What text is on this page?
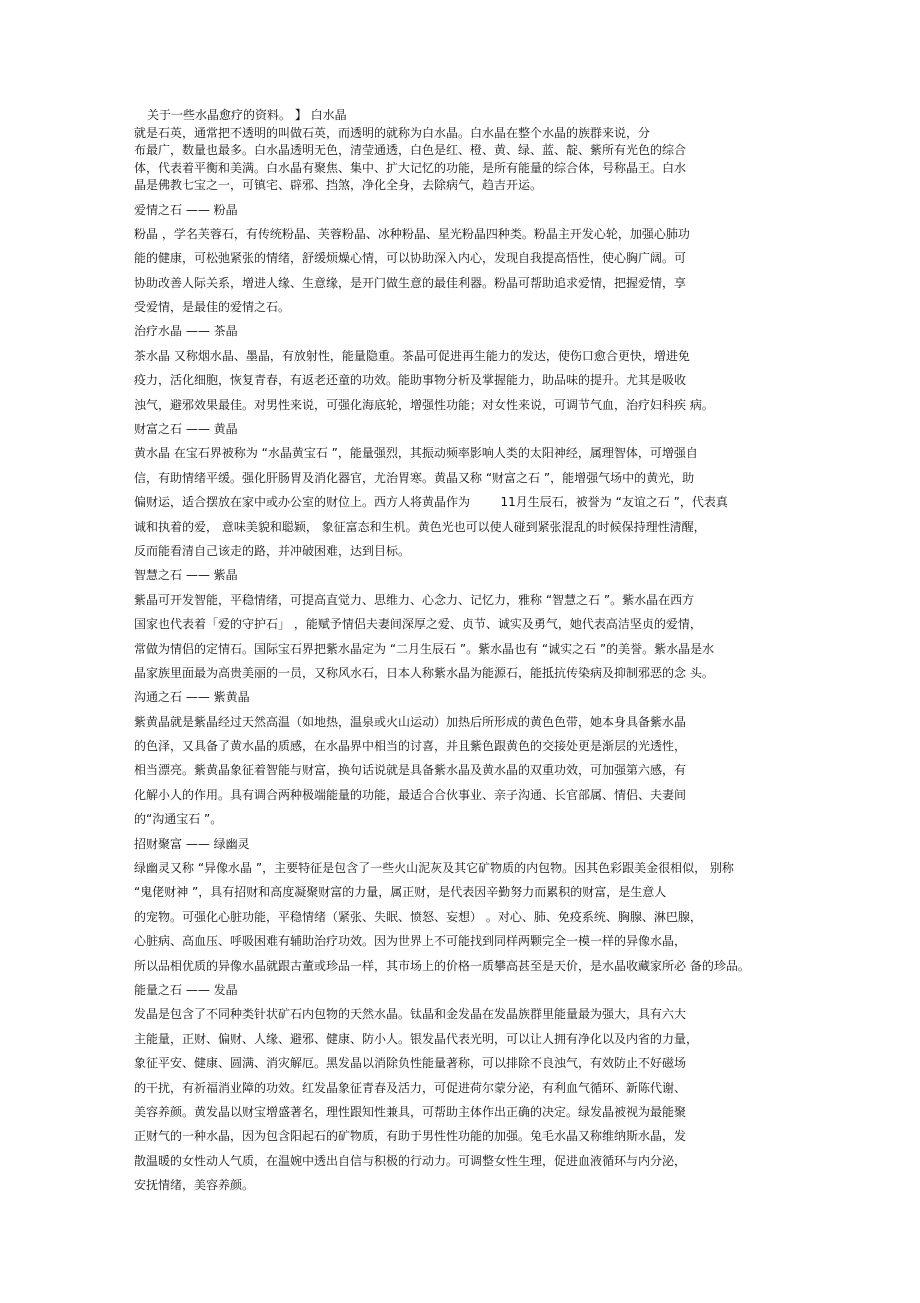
关于一些水晶愈疗的资料。 】 白水晶
就是石英，通常把不透明的叫做石英，而透明的就称为白水晶。白水晶在整个水晶的族群来说，分
布最广，数量也最多。白水晶透明无色，清莹通透，白色是红、橙、黄、绿、蓝、靛、紫所有光色的综合
体，代表着平衡和美满。白水晶有聚焦、集中、扩大记忆的功能，是所有能量的综合体，号称晶王。白水
晶是佛教七宝之一，可镇宅、辟邪、挡煞，净化全身，去除病气，趋吉开运。
爱情之石 —— 粉晶
粉晶 ，学名芙蓉石，有传统粉晶、芙蓉粉晶、冰种粉晶、星光粉晶四种类。粉晶主开发心轮，加强心肺功
能的健康，可松弛紧张的情绪，舒缓烦燥心情，可以协助深入内心，发现自我提高悟性，使心胸广阔。可
协助改善人际关系，增进人缘、生意缘，是开门做生意的最佳利器。粉晶可帮助追求爱情，把握爱情，享
受爱情，是最佳的爱情之石。
治疗水晶 —— 茶晶
茶水晶 又称烟水晶、墨晶，有放射性，能量隐重。茶晶可促进再生能力的发达，使伤口愈合更快，增进免
疫力，活化细胞，恢复青春，有返老还童的功效。能助事物分析及掌握能力，助品味的提升。尤其是吸收
浊气，避邪效果最佳。对男性来说，可强化海底轮，增强性功能；对女性来说，可调节气血，治疗妇科疾 病。
财富之石 —— 黄晶
黄水晶 在宝石界被称为 “水晶黄宝石 ”，能量强烈，其振动频率影响人类的太阳神经，属理智体，可增强自
信，有助情绪平缓。强化肝肠胃及消化器官，尤治胃寒。黄晶又称 “财富之石 ”，能增强气场中的黄光，助
偏财运，适合摆放在家中或办公室的财位上。西方人将黄晶作为        11月生辰石，被誉为 “友谊之石 ”，代表真
诚和执着的爱， 意味美貌和聪颖， 象征富态和生机。黄色光也可以使人碰到紧张混乱的时候保持理性清醒，
反而能看清自己该走的路，并冲破困难，达到目标。
智慧之石 —— 紫晶
紫晶可开发智能，平稳情绪，可提高直觉力、思维力、心念力、记忆力，雅称 “智慧之石 ”。紫水晶在西方
国家也代表着「爱的守护石」 ，能赋予情侣夫妻间深厚之爱、贞节、诚实及勇气，她代表高洁坚贞的爱情，
常做为情侣的定情石。国际宝石界把紫水晶定为 “二月生辰石 ”。紫水晶也有 “诚实之石 ”的美誉。紫水晶是水
晶家族里面最为高贵美丽的一员，又称风水石，日本人称紫水晶为能源石，能抵抗传染病及抑制邪恶的念 头。
沟通之石 —— 紫黄晶
紫黄晶就是紫晶经过天然高温（如地热，温泉或火山运动）加热后所形成的黄色色带，她本身具备紫水晶
的色泽，又具备了黄水晶的质感，在水晶界中相当的讨喜，并且紫色跟黄色的交接处更是渐层的光透性，
相当漂亮。紫黄晶象征着智能与财富，换句话说就是具备紫水晶及黄水晶的双重功效，可加强第六感，有
化解小人的作用。具有调合两种极端能量的功能，最适合合伙事业、亲子沟通、长官部属、情侣、夫妻间
的“沟通宝石 ”。
招财聚富 —— 绿幽灵
绿幽灵又称 “异像水晶 ”，主要特征是包含了一些火山泥灰及其它矿物质的内包物。因其色彩跟美金很相似， 别称
“鬼佬财神 ”，具有招财和高度凝聚财富的力量，属正财，是代表因辛勤努力而累积的财富，是生意人
的宠物。可强化心脏功能，平稳情绪（紧张、失眠、愤怒、妄想） 。对心、肺、免疫系统、胸腺、淋巴腺，
心脏病、高血压、呼吸困难有辅助治疗功效。因为世界上不可能找到同样两颗完全一模一样的异像水晶，
所以品相优质的异像水晶就跟古董或珍品一样，其市场上的价格一质攀高甚至是天价，是水晶收藏家所必 备的珍品。
能量之石 —— 发晶
发晶是包含了不同种类针状矿石内包物的天然水晶。钛晶和金发晶在发晶族群里能量最为强大，具有六大
主能量，正财、偏财、人缘、避邪、健康、防小人。银发晶代表光明，可以让人拥有净化以及内省的力量，
象征平安、健康、圆满、消灾解厄。黑发晶以消除负性能量著称，可以排除不良浊气，有效防止不好磁场
的干扰，有祈福消业障的功效。红发晶象征青春及活力，可促进荷尔蒙分泌，有利血气循环、新陈代谢、
美容养颜。黄发晶以财宝增盛著名，理性跟知性兼具，可帮助主体作出正确的决定。绿发晶被视为最能聚
正财气的一种水晶，因为包含阳起石的矿物质，有助于男性性功能的加强。兔毛水晶又称维纳斯水晶，发
散温暖的女性动人气质，在温婉中透出自信与积极的行动力。可调整女性生理，促进血液循环与内分泌，
安抚情绪，美容养颜。
